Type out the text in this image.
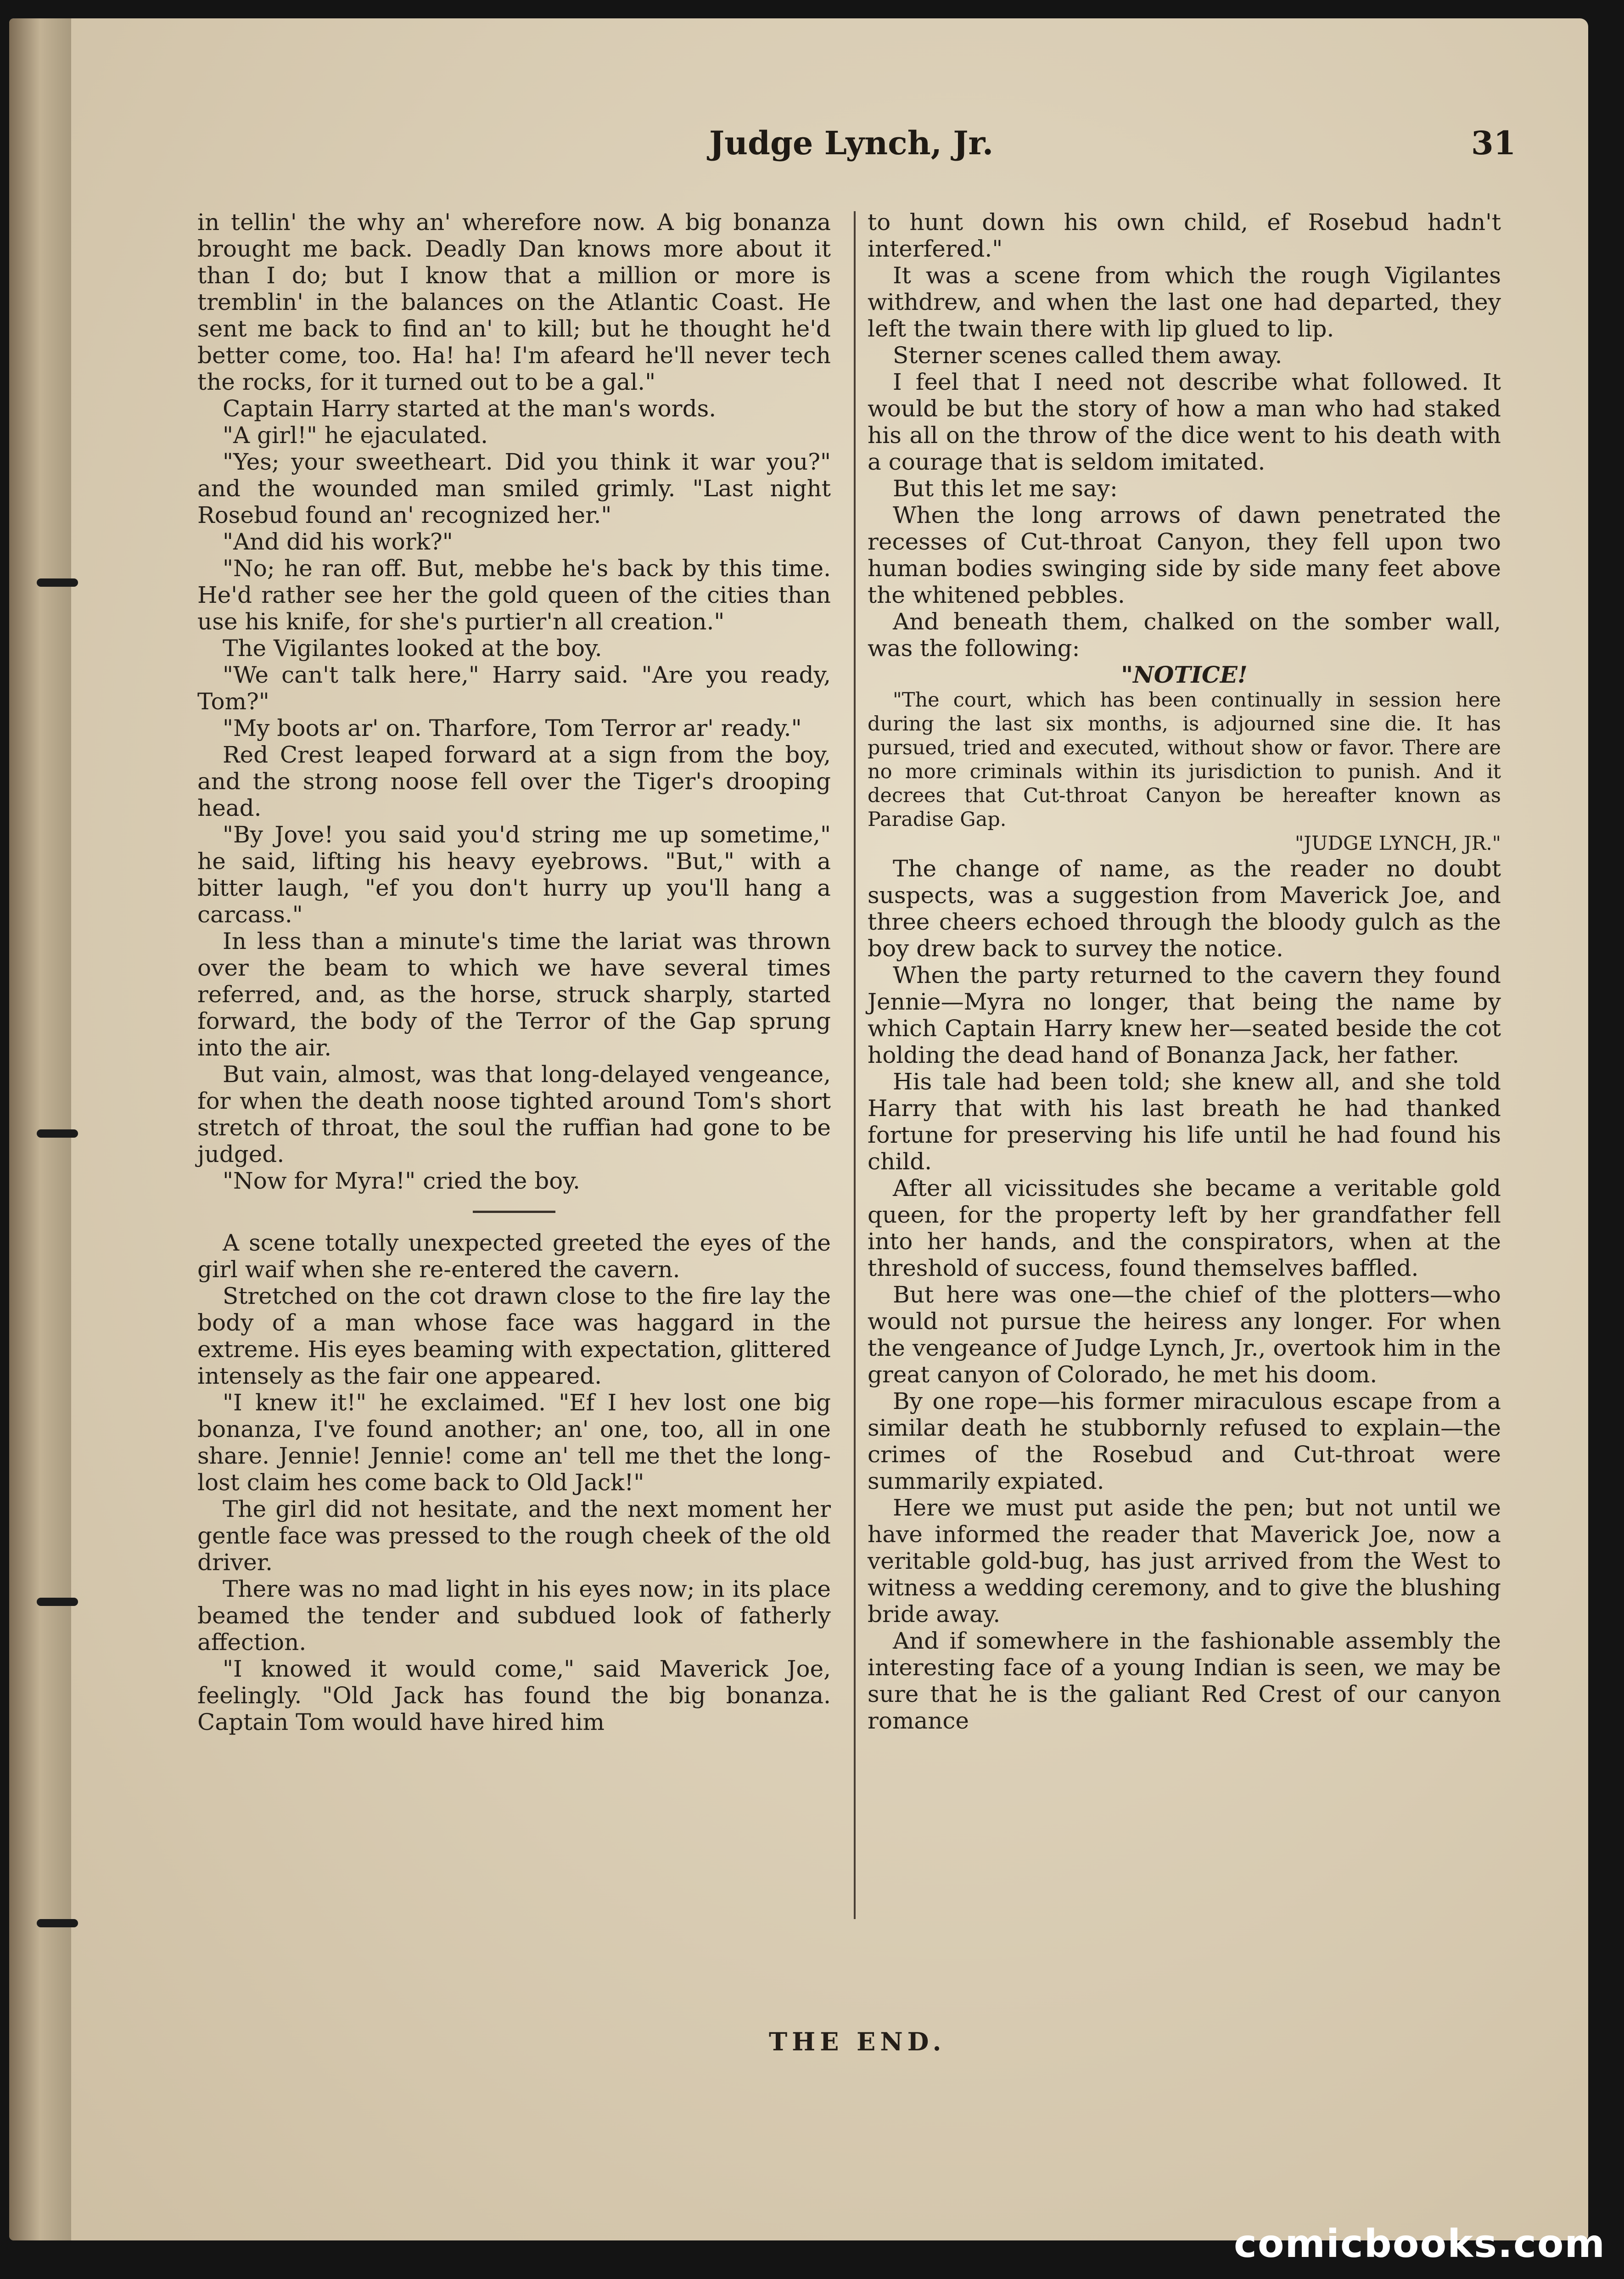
Judge Lynch, Jr.	31

in tellin' the why an' wherefore now. A big bonanza brought me back. Deadly Dan knows more about it than I do; but I know that a million or more is tremblin' in the balances on the Atlantic Coast. He sent me back to find an' to kill; but he thought he'd better come, too. Ha! ha! I'm afeard he'll never tech the rocks, for it turned out to be a gal."

Captain Harry started at the man's words.

"A girl!" he ejaculated.

"Yes; your sweetheart. Did you think it war you?" and the wounded man smiled grimly. "Last night Rosebud found an' recognized her."

"And did his work?"

"No; he ran off. But, mebbe he's back by this time. He'd rather see her the gold queen of the cities than use his knife, for she's purtier'n all creation."

The Vigilantes looked at the boy.

"We can't talk here," Harry said. "Are you ready, Tom?"

"My boots ar' on. Tharfore, Tom Terror ar' ready."

Red Crest leaped forward at a sign from the boy, and the strong noose fell over the Tiger's drooping head.

"By Jove! you said you'd string me up sometime," he said, lifting his heavy eyebrows. "But," with a bitter laugh, "ef you don't hurry up you'll hang a carcass."

In less than a minute's time the lariat was thrown over the beam to which we have several times referred, and, as the horse, struck sharply, started forward, the body of the Terror of the Gap sprung into the air.

But vain, almost, was that long-delayed vengeance, for when the death noose tighted around Tom's short stretch of throat, the soul the ruffian had gone to be judged.

"Now for Myra!" cried the boy.

A scene totally unexpected greeted the eyes of the girl waif when she re-entered the cavern.

Stretched on the cot drawn close to the fire lay the body of a man whose face was haggard in the extreme. His eyes beaming with expectation, glittered intensely as the fair one appeared.

"I knew it!" he exclaimed. "Ef I hev lost one big bonanza, I've found another; an' one, too, all in one share. Jennie! Jennie! come an' tell me thet the long-lost claim hes come back to Old Jack!"

The girl did not hesitate, and the next moment her gentle face was pressed to the rough cheek of the old driver.

There was no mad light in his eyes now; in its place beamed the tender and subdued look of fatherly affection.

"I knowed it would come," said Maverick Joe, feelingly. "Old Jack has found the big bonanza. Captain Tom would have hired him

to hunt down his own child, ef Rosebud hadn't interfered."

It was a scene from which the rough Vigilantes withdrew, and when the last one had departed, they left the twain there with lip glued to lip.

Sterner scenes called them away.

I feel that I need not describe what followed. It would be but the story of how a man who had staked his all on the throw of the dice went to his death with a courage that is seldom imitated.

But this let me say:

When the long arrows of dawn penetrated the recesses of Cut-throat Canyon, they fell upon two human bodies swinging side by side many feet above the whitened pebbles.

And beneath them, chalked on the somber wall, was the following:

"NOTICE!

"The court, which has been continually in session here during the last six months, is adjourned sine die. It has pursued, tried and executed, without show or favor. There are no more criminals within its jurisdiction to punish. And it decrees that Cut-throat Canyon be hereafter known as Paradise Gap.

"JUDGE LYNCH, JR."

The change of name, as the reader no doubt suspects, was a suggestion from Maverick Joe, and three cheers echoed through the bloody gulch as the boy drew back to survey the notice.

When the party returned to the cavern they found Jennie—Myra no longer, that being the name by which Captain Harry knew her—seated beside the cot holding the dead hand of Bonanza Jack, her father.

His tale had been told; she knew all, and she told Harry that with his last breath he had thanked fortune for preserving his life until he had found his child.

After all vicissitudes she became a veritable gold queen, for the property left by her grandfather fell into her hands, and the conspirators, when at the threshold of success, found themselves baffled.

But here was one—the chief of the plotters—who would not pursue the heiress any longer. For when the vengeance of Judge Lynch, Jr., overtook him in the great canyon of Colorado, he met his doom.

By one rope—his former miraculous escape from a similar death he stubbornly refused to explain—the crimes of the Rosebud and Cut-throat were summarily expiated.

Here we must put aside the pen; but not until we have informed the reader that Maverick Joe, now a veritable gold-bug, has just arrived from the West to witness a wedding ceremony, and to give the blushing bride away.

And if somewhere in the fashionable assembly the interesting face of a young Indian is seen, we may be sure that he is the galiant Red Crest of our canyon romance

THE END.
comicbooks.com
